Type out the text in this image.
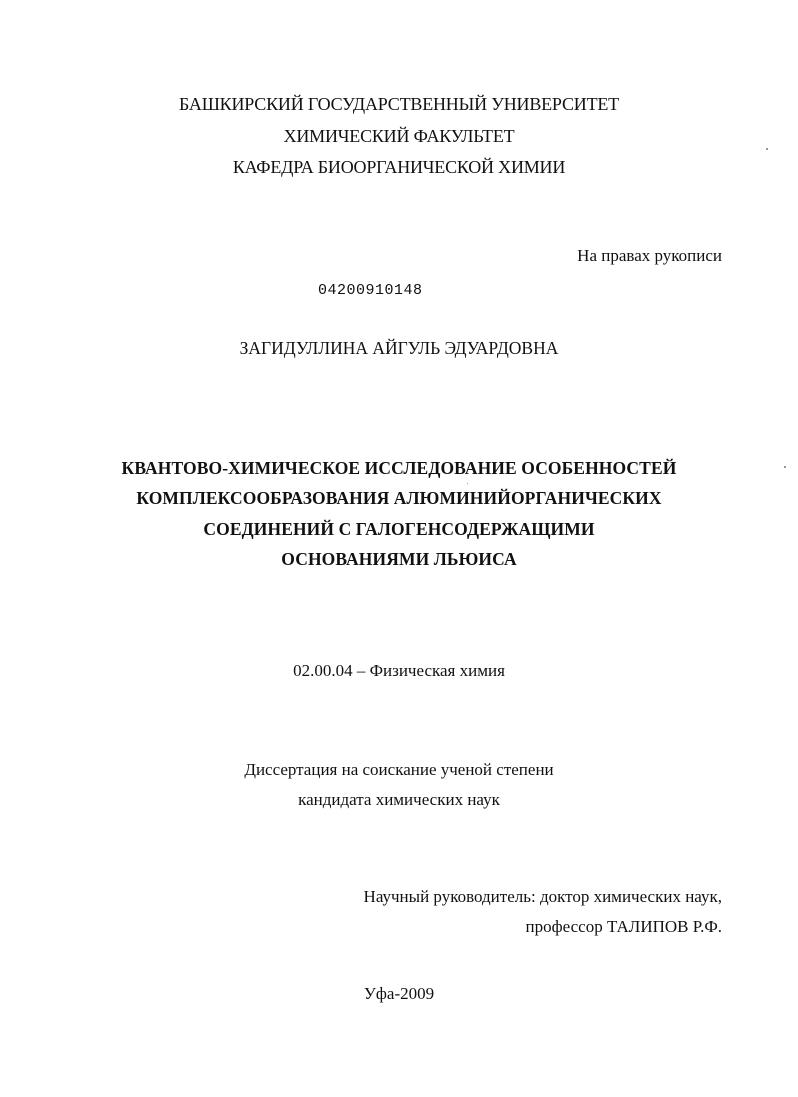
БАШКИРСКИЙ ГОСУДАРСТВЕННЫЙ УНИВЕРСИТЕТ
ХИМИЧЕСКИЙ ФАКУЛЬТЕТ
КАФЕДРА БИООРГАНИЧЕСКОЙ ХИМИИ
На правах рукописи
04200910148
ЗАГИДУЛЛИНА АЙГУЛЬ ЭДУАРДОВНА
КВАНТОВО-ХИМИЧЕСКОЕ ИССЛЕДОВАНИЕ ОСОБЕННОСТЕЙ
КОМПЛЕКСООБРАЗОВАНИЯ АЛЮМИНИЙОРГАНИЧЕСКИХ
СОЕДИНЕНИЙ С ГАЛОГЕНСОДЕРЖАЩИМИ
ОСНОВАНИЯМИ ЛЬЮИСА
02.00.04 – Физическая химия
Диссертация на соискание ученой степени
кандидата химических наук
Научный руководитель: доктор химических наук,
профессор ТАЛИПОВ Р.Ф.
Уфа-2009
